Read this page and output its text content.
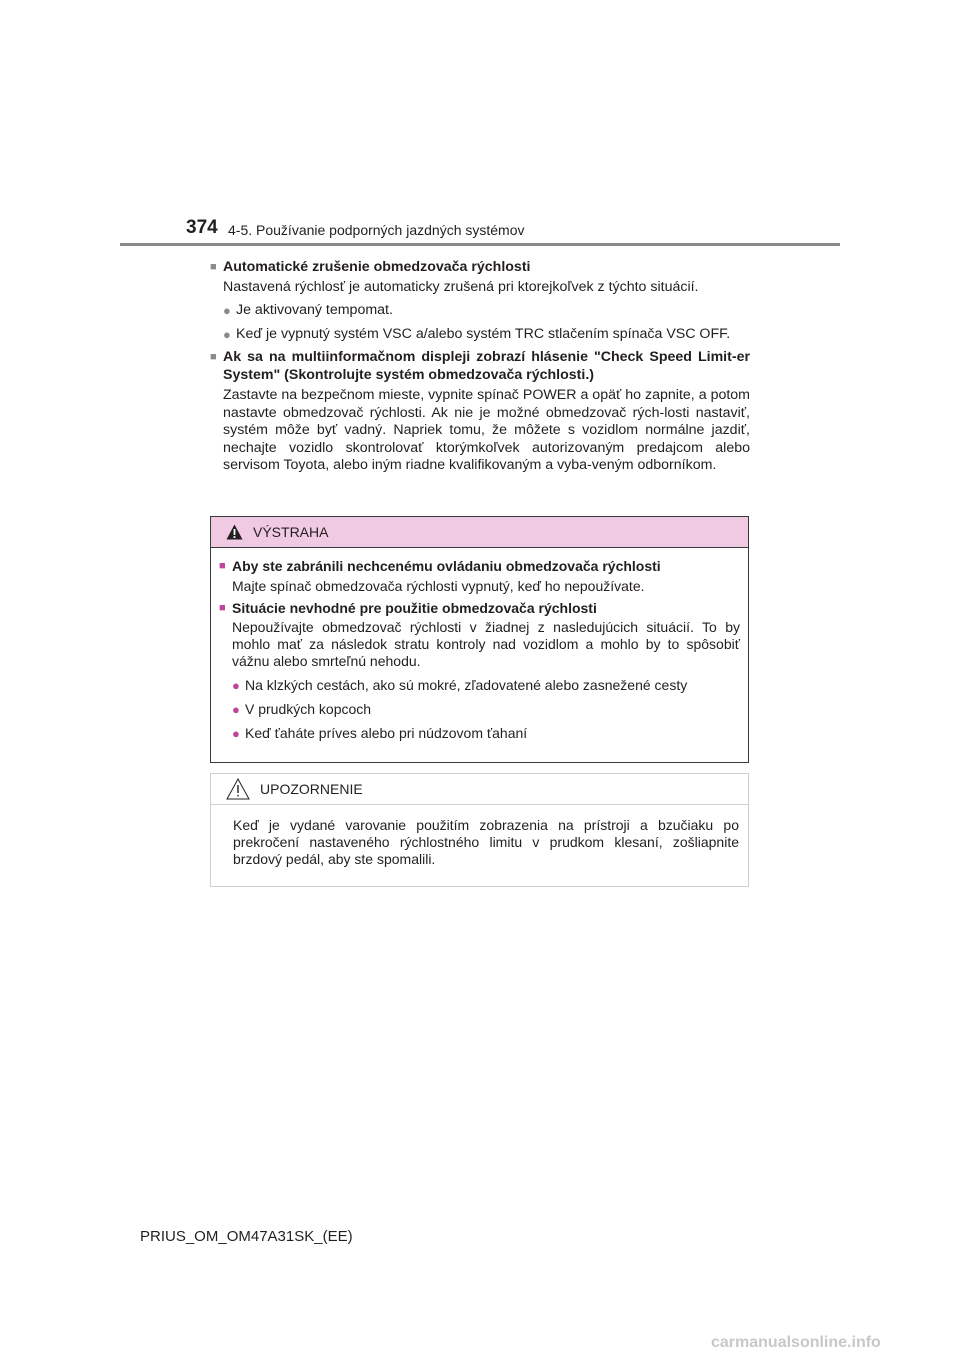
374 4-5. Používanie podporných jazdných systémov
■ Automatické zrušenie obmedzovača rýchlosti
Nastavená rýchlosť je automaticky zrušená pri ktorejkoľvek z týchto situácií.
● Je aktivovaný tempomat.
● Keď je vypnutý systém VSC a/alebo systém TRC stlačením spínača VSC OFF.
■ Ak sa na multiinformačnom displeji zobrazí hlásenie "Check Speed Limit-er System" (Skontrolujte systém obmedzovača rýchlosti.)
Zastavte na bezpečnom mieste, vypnite spínač POWER a opäť ho zapnite, a potom nastavte obmedzovač rýchlosti. Ak nie je možné obmedzovač rých-losti nastaviť, systém môže byť vadný. Napriek tomu, že môžete s vozidlom normálne jazdiť, nechajte vozidlo skontrolovať ktorýmkoľvek autorizovaným predajcom alebo servisom Toyota, alebo iným riadne kvalifikovaným a vyba-veným odborníkom.
VÝSTRAHA
■ Aby ste zabránili nechcenému ovládaniu obmedzovača rýchlosti
Majte spínač obmedzovača rýchlosti vypnutý, keď ho nepoužívate.
■ Situácie nevhodné pre použitie obmedzovača rýchlosti
Nepoužívajte obmedzovač rýchlosti v žiadnej z nasledujúcich situácií. To by mohlo mať za následok stratu kontroly nad vozidlom a mohlo by to spôsobiť vážnu alebo smrteľnú nehodu.
● Na klzkých cestách, ako sú mokré, zľadovatené alebo zasnežené cesty
● V prudkých kopcoch
● Keď ťaháte príves alebo pri núdzovom ťahaní
UPOZORNENIE
Keď je vydané varovanie použitím zobrazenia na prístroji a bzučiaku po prekročení nastaveného rýchlostného limitu v prudkom klesaní, zošliapnite brzdový pedál, aby ste spomalili.
PRIUS_OM_OM47A31SK_(EE)
carmanualsonline.info
